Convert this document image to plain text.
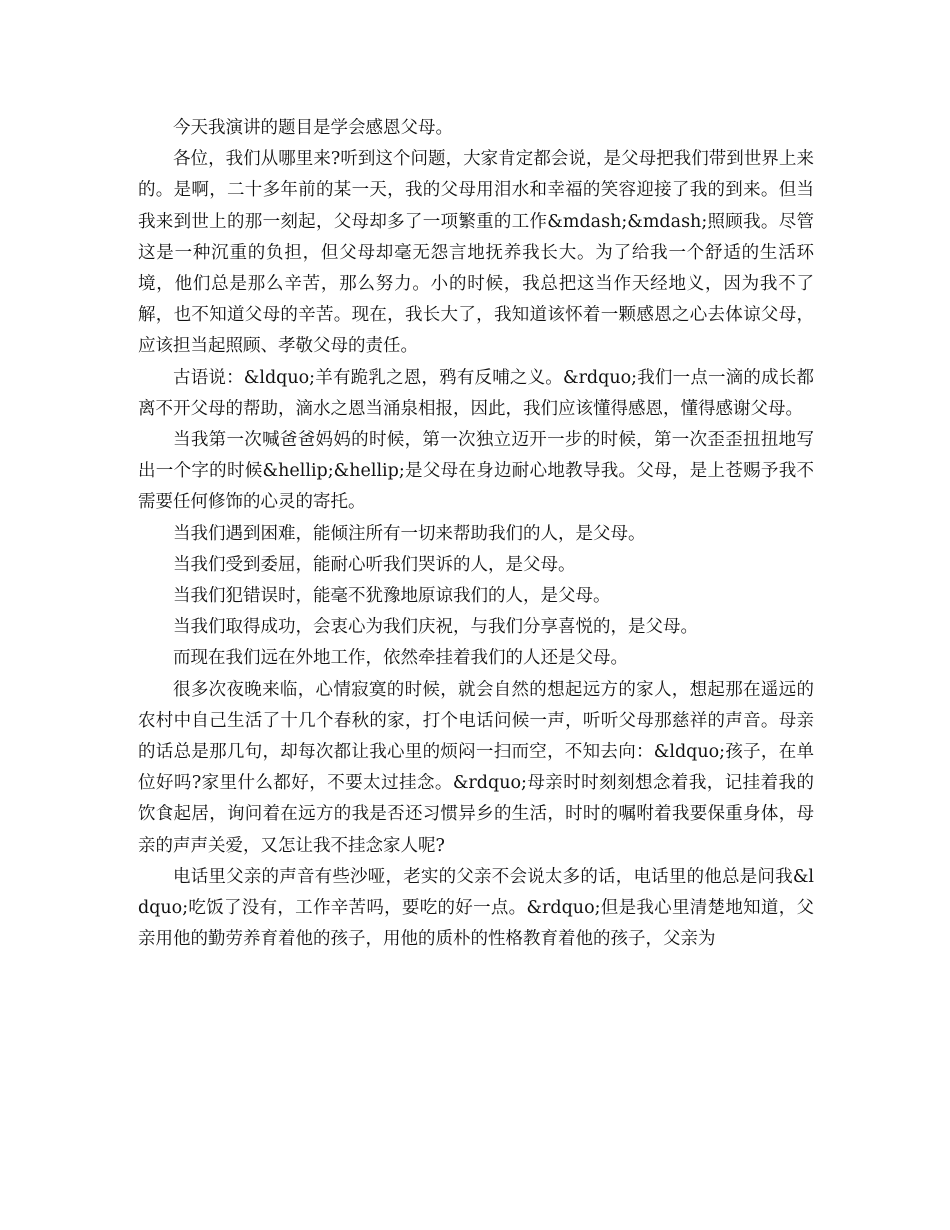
今天我演讲的题目是学会感恩父母。

各位，我们从哪里来?听到这个问题，大家肯定都会说，是父母把我们带到世界上来的。是啊，二十多年前的某一天，我的父母用泪水和幸福的笑容迎接了我的到来。但当我来到世上的那一刻起，父母却多了一项繁重的工作&mdash;&mdash;照顾我。尽管这是一种沉重的负担，但父母却毫无怨言地抚养我长大。为了给我一个舒适的生活环境，他们总是那么辛苦，那么努力。小的时候，我总把这当作天经地义，因为我不了解，也不知道父母的辛苦。现在，我长大了，我知道该怀着一颗感恩之心去体谅父母，应该担当起照顾、孝敬父母的责任。

古语说：&ldquo;羊有跪乳之恩，鸦有反哺之义。&rdquo;我们一点一滴的成长都离不开父母的帮助，滴水之恩当涌泉相报，因此，我们应该懂得感恩，懂得感谢父母。

当我第一次喊爸爸妈妈的时候，第一次独立迈开一步的时候，第一次歪歪扭扭地写出一个字的时候&hellip;&hellip;是父母在身边耐心地教导我。父母，是上苍赐予我不需要任何修饰的心灵的寄托。

当我们遇到困难，能倾注所有一切来帮助我们的人，是父母。

当我们受到委屈，能耐心听我们哭诉的人，是父母。

当我们犯错误时，能毫不犹豫地原谅我们的人，是父母。

当我们取得成功，会衷心为我们庆祝，与我们分享喜悦的，是父母。

而现在我们远在外地工作，依然牵挂着我们的人还是父母。

很多次夜晚来临，心情寂寞的时候，就会自然的想起远方的家人，想起那在遥远的 农村中自己生活了十几个春秋的家，打个电话问候一声，听听父母那慈祥的声音。母亲的话总是那几句，却每次都让我心里的烦闷一扫而空，不知去向：&ldquo;孩子，在单位好吗?家里什么都好，不要太过挂念。&rdquo;母亲时时刻刻想念着我，记挂着我的饮食起居，询问着在远方的我是否还习惯异乡的生活，时时的嘱咐着我要保重身体，母亲的声声关爱，又怎让我不挂念家人呢?

电话里父亲的声音有些沙哑，老实的父亲不会说太多的话，电话里的他总是问我&ldquo;吃饭了没有，工作辛苦吗，要吃的好一点。&rdquo;但是我心里清楚地知道，父亲用他的勤劳养育着他的孩子，用他的质朴的性格教育着他的孩子，父亲为
